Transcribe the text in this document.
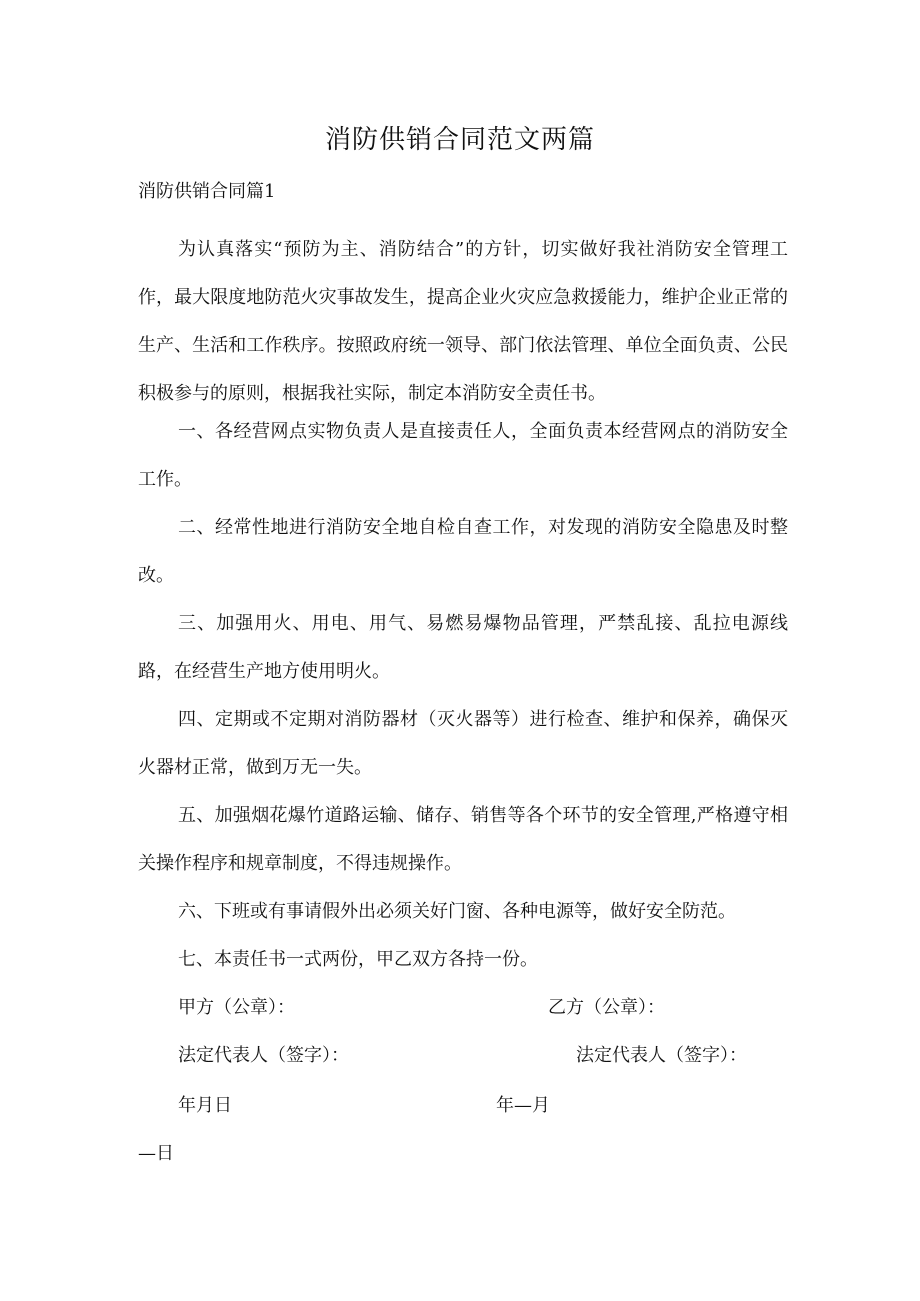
消防供销合同范文两篇
消防供销合同篇1

为认真落实“预防为主、消防结合”的方针，切实做好我社消防安全管理工作，最大限度地防范火灾事故发生，提高企业火灾应急救援能力，维护企业正常的生产、生活和工作秩序。按照政府统一领导、部门依法管理、单位全面负责、公民积极参与的原则，根据我社实际，制定本消防安全责任书。

一、各经营网点实物负责人是直接责任人，全面负责本经营网点的消防安全工作。

二、经常性地进行消防安全地自检自查工作，对发现的消防安全隐患及时整改。

三、加强用火、用电、用气、易燃易爆物品管理，严禁乱接、乱拉电源线路，在经营生产地方使用明火。

四、定期或不定期对消防器材（灭火器等）进行检查、维护和保养，确保灭火器材正常，做到万无一失。

五、加强烟花爆竹道路运输、储存、销售等各个环节的安全管理,严格遵守相关操作程序和规章制度，不得违规操作。

六、下班或有事请假外出必须关好门窗、各种电源等，做好安全防范。

七、本责任书一式两份，甲乙双方各持一份。

甲方（公章）：	乙方（公章）：
法定代表人（签字）：	法定代表人（签字）：
年月日	年—月
—日
